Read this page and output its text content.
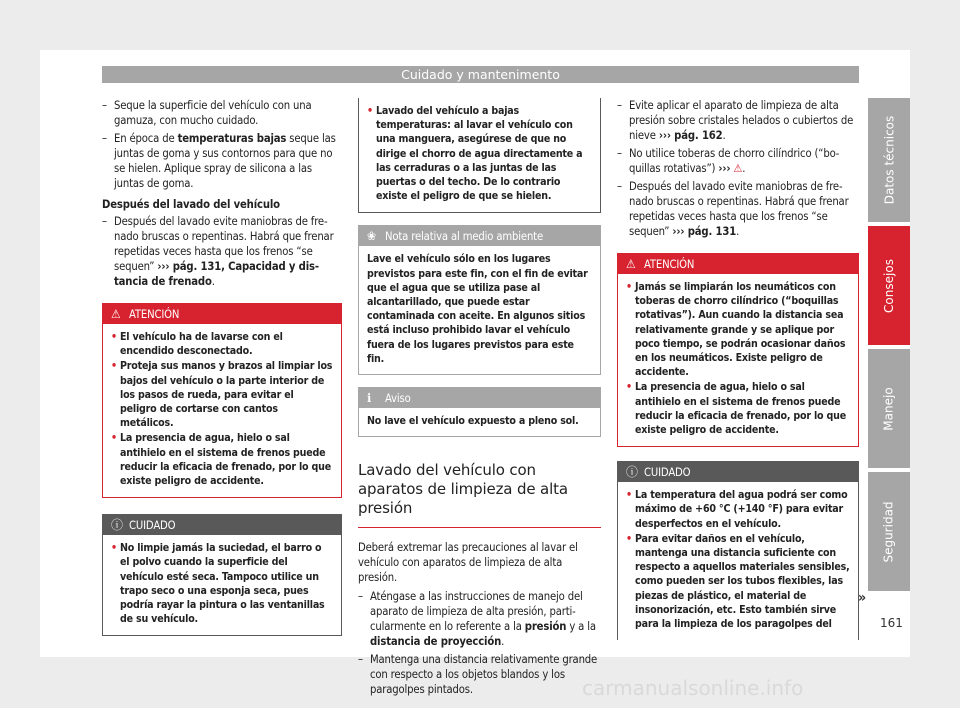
Cuidado y mantenimento
– Seque la superficie del vehículo con una gamuza, con mucho cuidado.
– En época de temperaturas bajas seque las juntas de goma y sus contornos para que no se hielen. Aplique spray de silicona a las juntas de goma.
Después del lavado del vehículo
– Después del lavado evite maniobras de frenado bruscas o repentinas. Habrá que frenar repetidas veces hasta que los frenos “se sequen” ››› pág. 131, Capacidad y distancia de frenado.
⚠ ATENCIÓN
• El vehículo ha de lavarse con el encendido desconectado.
• Proteja sus manos y brazos al limpiar los bajos del vehículo o la parte interior de los pasos de rueda, para evitar el peligro de cortarse con cantos metálicos.
• La presencia de agua, hielo o sal antihielo en el sistema de frenos puede reducir la eficacia de frenado, por lo que existe peligro de accidente.
ⓘ CUIDADO
• No limpie jamás la suciedad, el barro o el polvo cuando la superficie del vehículo esté seca. Tampoco utilice un trapo seco o una esponja seca, pues podría rayar la pintura o las ventanillas de su vehículo.
• Lavado del vehículo a bajas temperaturas: al lavar el vehículo con una manguera, asegúrese de que no dirige el chorro de agua directamente a las cerraduras o a las juntas de las puertas o del techo. De lo contrario existe el peligro de que se hielen.
❀ Nota relativa al medio ambiente
Lave el vehículo sólo en los lugares previstos para este fin, con el fin de evitar que el agua que se utiliza pase al alcantarillado, que puede estar contaminada con aceite. En algunos sitios está incluso prohibido lavar el vehículo fuera de los lugares previstos para este fin.
ℹ	Aviso
No lave el vehículo expuesto a pleno sol.
Lavado del vehículo con aparatos de limpieza de alta presión
Deberá extremar las precauciones al lavar el vehículo con aparatos de limpieza de alta presión.
– Aténgase a las instrucciones de manejo del aparato de limpieza de alta presión, particularmente en lo referente a la presión y a la distancia de proyección.
– Mantenga una distancia relativamente grande con respecto a los objetos blandos y los paragolpes pintados.
– Evite aplicar el aparato de limpieza de alta presión sobre cristales helados o cubiertos de nieve ››› pág. 162.
– No utilice toberas de chorro cilíndrico (“boquillas rotativas”) ››› ⚠.
– Después del lavado evite maniobras de frenado bruscas o repentinas. Habrá que frenar repetidas veces hasta que los frenos “se sequen” ››› pág. 131.
⚠ ATENCIÓN
• Jamás se limpiarán los neumáticos con toberas de chorro cilíndrico (“boquillas rotativas”). Aun cuando la distancia sea relativamente grande y se aplique por poco tiempo, se podrán ocasionar daños en los neumáticos. Existe peligro de accidente.
• La presencia de agua, hielo o sal antihielo en el sistema de frenos puede reducir la eficacia de frenado, por lo que existe peligro de accidente.
ⓘ CUIDADO
• La temperatura del agua podrá ser como máximo de +60 °C (+140 °F) para evitar desperfectos en el vehículo.
• Para evitar daños en el vehículo, mantenga una distancia suficiente con respecto a aquellos materiales sensibles, como pueden ser los tubos flexibles, las piezas de plástico, el material de insonorización, etc. Esto también sirve para la limpieza de los paragolpes del
»
Datos técnicos
Consejos
Manejo
Seguridad
161
carmanualsonline.info
